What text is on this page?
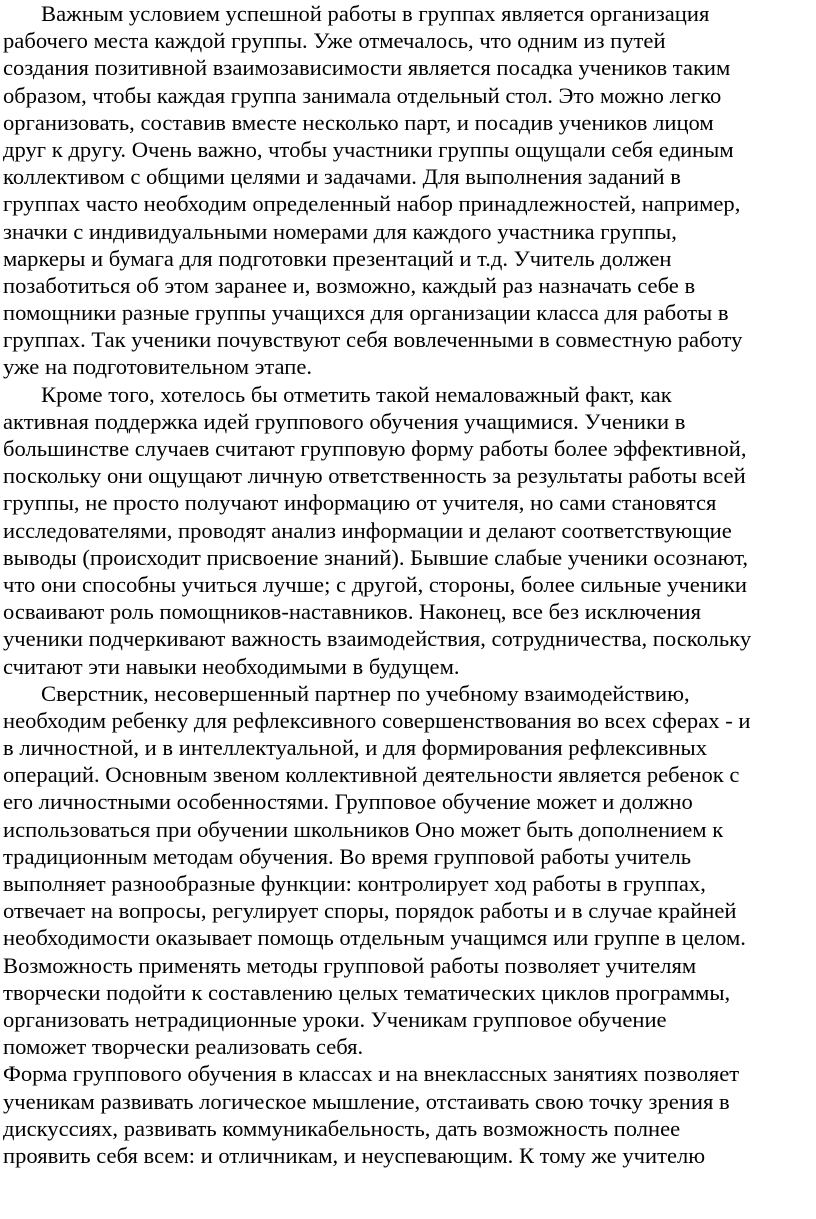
Важным условием успешной работы в группах является организация
рабочего места каждой группы. Уже отмечалось, что одним из путей
создания позитивной взаимозависимости является посадка учеников таким
образом, чтобы каждая группа занимала отдельный стол. Это можно легко
организовать, составив вместе несколько парт, и посадив учеников лицом
друг к другу. Очень важно, чтобы участники группы ощущали себя единым
коллективом с общими целями и задачами. Для выполнения заданий в
группах часто необходим определенный набор принадлежностей, например,
значки с индивидуальными номерами для каждого участника группы,
маркеры и бумага для подготовки презентаций и т.д. Учитель должен
позаботиться об этом заранее и, возможно, каждый раз назначать себе в
помощники разные группы учащихся для организации класса для работы в
группах. Так ученики почувствуют себя вовлеченными в совместную работу
уже на подготовительном этапе.
Кроме того, хотелось бы отметить такой немаловажный факт, как
активная поддержка идей группового обучения учащимися. Ученики в
большинстве случаев считают групповую форму работы более эффективной,
поскольку они ощущают личную ответственность за результаты работы всей
группы, не просто получают информацию от учителя, но сами становятся
исследователями, проводят анализ информации и делают соответствующие
выводы (происходит присвоение знаний). Бывшие слабые ученики осознают,
что они способны учиться лучше; с другой, стороны, более сильные ученики
осваивают роль помощников-наставников. Наконец, все без исключения
ученики подчеркивают важность взаимодействия, сотрудничества, поскольку
считают эти навыки необходимыми в будущем.
Сверстник, несовершенный партнер по учебному взаимодействию,
необходим ребенку для рефлексивного совершенствования во всех сферах - и
в личностной, и в интеллектуальной, и для формирования рефлексивных
операций. Основным звеном коллективной деятельности является ребенок с
его личностными особенностями. Групповое обучение может и должно
использоваться при обучении школьников Оно может быть дополнением к
традиционным методам обучения. Во время групповой работы учитель
выполняет разнообразные функции: контролирует ход работы в группах,
отвечает на вопросы, регулирует споры, порядок работы и в случае крайней
необходимости оказывает помощь отдельным учащимся или группе в целом.
Возможность применять методы групповой работы позволяет учителям
творчески подойти к составлению целых тематических циклов программы,
организовать нетрадиционные уроки. Ученикам групповое обучение
поможет творчески реализовать себя.
Форма группового обучения в классах и на внеклассных занятиях позволяет
ученикам развивать логическое мышление, отстаивать свою точку зрения в
дискуссиях, развивать коммуникабельность, дать возможность полнее
проявить себя всем: и отличникам, и неуспевающим. К тому же учителю
